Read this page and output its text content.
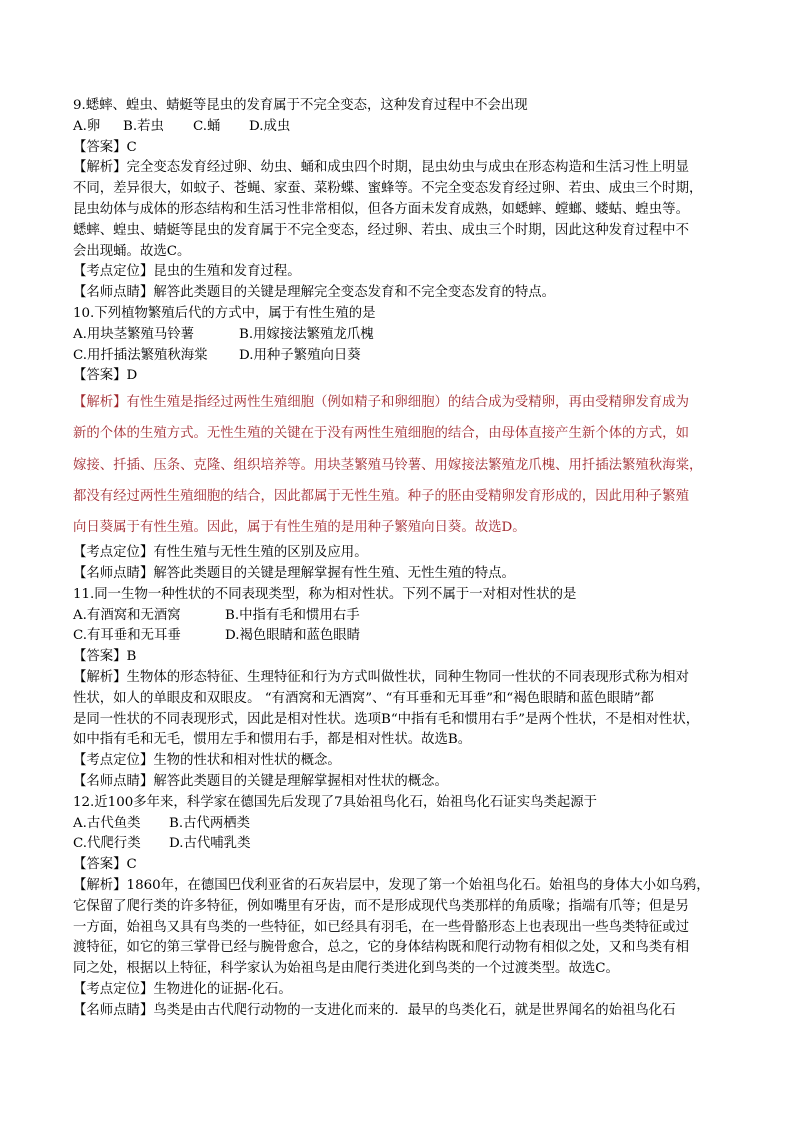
9.蟋蟀、蝗虫、蜻蜓等昆虫的发育属于不完全变态，这种发育过程中不会出现
A.卵 B.若虫 C.蛹 D.成虫
【答案】C
【解析】完全变态发育经过卵、幼虫、蛹和成虫四个时期，昆虫幼虫与成虫在形态构造和生活习性上明显
不同，差异很大，如蚊子、苍蝇、家蚕、菜粉蝶、蜜蜂等。不完全变态发育经过卵、若虫、成虫三个时期，
昆虫幼体与成体的形态结构和生活习性非常相似，但各方面未发育成熟，如蟋蟀、螳螂、蝼蛄、蝗虫等。
蟋蟀、蝗虫、蜻蜓等昆虫的发育属于不完全变态，经过卵、若虫、成虫三个时期，因此这种发育过程中不
会出现蛹。故选C。
【考点定位】昆虫的生殖和发育过程。
【名师点睛】解答此类题目的关键是理解完全变态发育和不完全变态发育的特点。
10.下列植物繁殖后代的方式中，属于有性生殖的是
A.用块茎繁殖马铃薯	B.用嫁接法繁殖龙爪槐
C.用扦插法繁殖秋海棠 D.用种子繁殖向日葵
【答案】D
【解析】有性生殖是指经过两性生殖细胞（例如精子和卵细胞）的结合成为受精卵，再由受精卵发育成为
新的个体的生殖方式。无性生殖的关键在于没有两性生殖细胞的结合，由母体直接产生新个体的方式，如
嫁接、扦插、压条、克隆、组织培养等。用块茎繁殖马铃薯、用嫁接法繁殖龙爪槐、用扦插法繁殖秋海棠，
都没有经过两性生殖细胞的结合，因此都属于无性生殖。种子的胚由受精卵发育形成的，因此用种子繁殖
向日葵属于有性生殖。因此，属于有性生殖的是用种子繁殖向日葵。故选D。
【考点定位】有性生殖与无性生殖的区别及应用。
【名师点睛】解答此类题目的关键是理解掌握有性生殖、无性生殖的特点。
11.同一生物一种性状的不同表现类型，称为相对性状。下列不属于一对相对性状的是
A.有酒窝和无酒窝	B.中指有毛和惯用右手
C.有耳垂和无耳垂	D.褐色眼睛和蓝色眼睛
【答案】B
【解析】生物体的形态特征、生理特征和行为方式叫做性状，同种生物同一性状的不同表现形式称为相对
性状，如人的单眼皮和双眼皮。 “有酒窝和无酒窝”、“有耳垂和无耳垂”和“褐色眼睛和蓝色眼睛”都
是同一性状的不同表现形式，因此是相对性状。选项B“中指有毛和惯用右手”是两个性状，不是相对性状，
如中指有毛和无毛，惯用左手和惯用右手，都是相对性状。故选B。
【考点定位】生物的性状和相对性状的概念。
【名师点睛】解答此类题目的关键是理解掌握相对性状的概念。
12.近100多年来，科学家在德国先后发现了7具始祖鸟化石，始祖鸟化石证实鸟类起源于
A.古代鱼类 B.古代两栖类
C.代爬行类 D.古代哺乳类
【答案】C
【解析】1860年，在德国巴伐利亚省的石灰岩层中，发现了第一个始祖鸟化石。始祖鸟的身体大小如乌鸦，
它保留了爬行类的许多特征，例如嘴里有牙齿，而不是形成现代鸟类那样的角质喙；指端有爪等；但是另
一方面，始祖鸟又具有鸟类的一些特征，如已经具有羽毛，在一些骨骼形态上也表现出一些鸟类特征或过
渡特征，如它的第三掌骨已经与腕骨愈合，总之，它的身体结构既和爬行动物有相似之处，又和鸟类有相
同之处，根据以上特征，科学家认为始祖鸟是由爬行类进化到鸟类的一个过渡类型。故选C。
【考点定位】生物进化的证据-化石。
【名师点睛】鸟类是由古代爬行动物的一支进化而来的．最早的鸟类化石，就是世界闻名的始祖鸟化石
